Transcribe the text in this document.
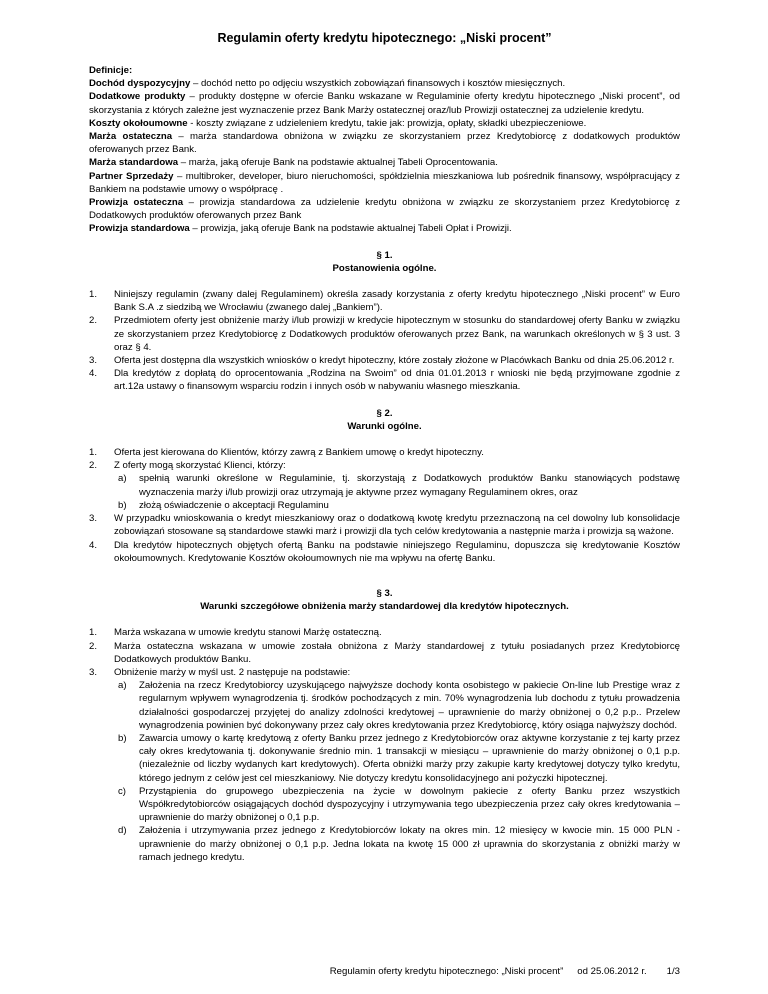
Regulamin oferty kredytu hipotecznego: „Niski procent”

Definicje:

Dochód dyspozycyjny – dochód netto po odjęciu wszystkich zobowiązań finansowych i kosztów miesięcznych.

Dodatkowe produkty – produkty dostępne w ofercie Banku wskazane w Regulaminie oferty kredytu hipotecznego „Niski procent”, od skorzystania z których zależne jest wyznaczenie przez Bank Marży ostatecznej oraz/lub Prowizji ostatecznej za udzielenie kredytu.

Koszty okołoumowne - koszty związane z udzieleniem kredytu, takie jak: prowizja, opłaty, składki ubezpieczeniowe.

Marża ostateczna – marża standardowa obniżona w związku ze skorzystaniem przez Kredytobiorcę z dodatkowych produktów oferowanych przez Bank.

Marża standardowa – marża, jaką oferuje Bank na podstawie aktualnej Tabeli Oprocentowania.

Partner Sprzedaży – multibroker, developer, biuro nieruchomości, spółdzielnia mieszkaniowa lub pośrednik finansowy, współpracujący z Bankiem na podstawie umowy o współpracę .

Prowizja ostateczna – prowizja standardowa za udzielenie kredytu obniżona w związku ze skorzystaniem przez Kredytobiorcę z Dodatkowych produktów oferowanych przez Bank

Prowizja standardowa – prowizja, jaką oferuje Bank na podstawie aktualnej Tabeli Opłat i Prowizji.

§ 1.

Postanowienia ogólne.

1. Niniejszy regulamin (zwany dalej Regulaminem) określa zasady korzystania z oferty kredytu hipotecznego „Niski procent” w Euro Bank S.A .z siedzibą we Wrocławiu (zwanego dalej „Bankiem”).
2. Przedmiotem oferty jest obniżenie marży i/lub prowizji w kredycie hipotecznym w stosunku do standardowej oferty Banku w związku ze skorzystaniem przez Kredytobiorcę z Dodatkowych produktów oferowanych przez Bank, na warunkach określonych w § 3 ust. 3 oraz § 4.
3. Oferta jest dostępna dla wszystkich wniosków o kredyt hipoteczny, które zostały złożone w Placówkach Banku od dnia 25.06.2012 r.
4. Dla kredytów z dopłatą do oprocentowania „Rodzina na Swoim” od dnia 01.01.2013 r wnioski nie będą przyjmowane zgodnie z art.12a ustawy o finansowym wsparciu rodzin i innych osób w nabywaniu własnego mieszkania.

§ 2.

Warunki ogólne.

1. Oferta jest kierowana do Klientów, którzy zawrą z Bankiem umowę o kredyt hipoteczny.
2. Z oferty mogą skorzystać Klienci, którzy:
a) spełnią warunki określone w Regulaminie, tj. skorzystają z Dodatkowych produktów Banku stanowiących podstawę wyznaczenia marży i/lub prowizji oraz utrzymają je aktywne przez wymagany Regulaminem okres, oraz
b) złożą oświadczenie o akceptacji Regulaminu
3. W przypadku wnioskowania o kredyt mieszkaniowy oraz o dodatkową kwotę kredytu przeznaczoną na cel dowolny lub konsolidacje zobowiązań stosowane są standardowe stawki marż i prowizji dla tych celów kredytowania a następnie marża i prowizja są ważone.
4. Dla kredytów hipotecznych objętych ofertą Banku na podstawie niniejszego Regulaminu, dopuszcza się kredytowanie Kosztów okołoumownych. Kredytowanie Kosztów okołoumownych nie ma wpływu na ofertę Banku.

§ 3.

Warunki szczegółowe obniżenia marży standardowej dla kredytów hipotecznych.

1. Marża wskazana w umowie kredytu stanowi Marżę ostateczną.
2. Marża ostateczna wskazana w umowie została obniżona z Marży standardowej z tytułu posiadanych przez Kredytobiorcę Dodatkowych produktów Banku.
3. Obniżenie marży w myśl ust. 2 następuje na podstawie:
a) Założenia na rzecz Kredytobiorcy uzyskującego najwyższe dochody konta osobistego w pakiecie On-line lub Prestige wraz z regularnym wpływem wynagrodzenia tj. środków pochodzących z min. 70% wynagrodzenia lub dochodu z tytułu prowadzenia działalności gospodarczej przyjętej do analizy zdolności kredytowej – uprawnienie do marży obniżonej o 0,2 p.p.. Przelew wynagrodzenia powinien być dokonywany przez cały okres kredytowania przez Kredytobiorcę, który osiąga najwyższy dochód.
b) Zawarcia umowy o kartę kredytową z oferty Banku przez jednego z Kredytobiorców oraz aktywne korzystanie z tej karty przez cały okres kredytowania tj. dokonywanie średnio min. 1 transakcji w miesiącu – uprawnienie do marży obniżonej o 0,1 p.p. (niezależnie od liczby wydanych kart kredytowych). Oferta obniżki marży przy zakupie karty kredytowej dotyczy tylko kredytu, którego jednym z celów jest cel mieszkaniowy. Nie dotyczy kredytu konsolidacyjnego ani pożyczki hipotecznej.
c) Przystąpienia do grupowego ubezpieczenia na życie w dowolnym pakiecie z oferty Banku przez wszystkich Współkredytobiorców osiągających dochód dyspozycyjny i utrzymywania tego ubezpieczenia przez cały okres kredytowania – uprawnienie do marży obniżonej o 0,1 p.p.
d) Założenia i utrzymywania przez jednego z Kredytobiorców lokaty na okres min. 12 miesięcy w kwocie min. 15 000 PLN - uprawnienie do marży obniżonej o 0,1 p.p. Jedna lokata na kwotę 15 000 zł uprawnia do skorzystania z obniżki marży w ramach jednego kredytu.
Regulamin oferty kredytu hipotecznego: „Niski procent” od 25.06.2012 r. 1/3
